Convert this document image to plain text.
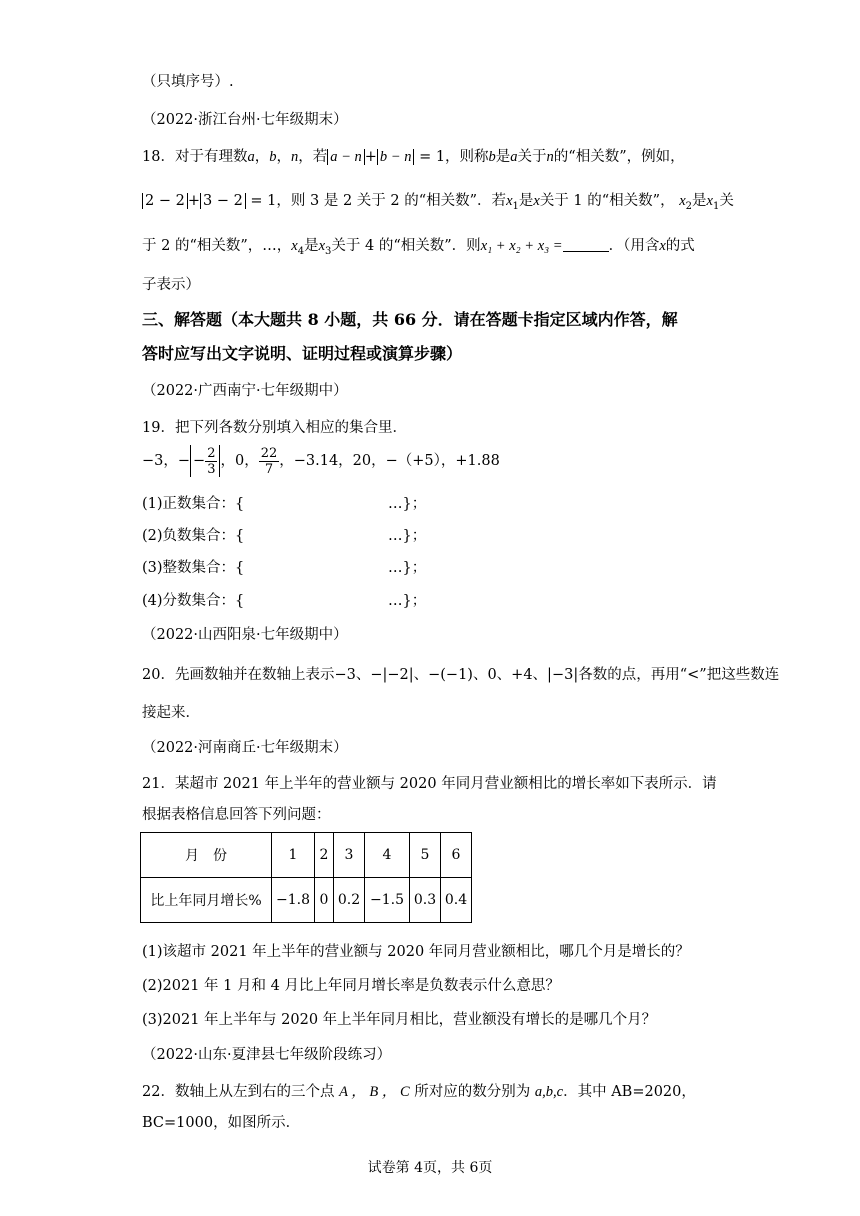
（只填序号）.
（2022·浙江台州·七年级期末）
18．对于有理数a，b，n，若 a − n + b − n = 1，则称b是a关于n的“相关数”，例如，
2 − 2 + 3 − 2 = 1，则 3 是 2 关于 2 的“相关数”．若$x_1$是x关于 1 的“相关数”， $x_2$是$x_1$关
于 2 的“相关数”，…，$x_4$是$x_3$关于 4 的“相关数”．则x₁ + x₂ + x₃ =	．（用含x的式
子表示）
三、解答题（本大题共 8 小题，共 66 分．请在答题卡指定区域内作答，解
答时应写出文字说明、证明过程或演算步骤）
（2022·广西南宁·七年级期中）
19．把下列各数分别填入相应的集合里．
−3，− − $\frac{2}{3}$ ，0， $\frac{22}{7}$ ，−3.14，20，−（+5），+1.88
(1)正数集合：{	…}；
(2)负数集合：{	…}；
(3)整数集合：{	…}；
(4)分数集合：{	…}；
（2022·山西阳泉·七年级期中）
20．先画数轴并在数轴上表示−3、−|−2|、−(−1)、0、+4、|−3|各数的点，再用“<”把这些数连
接起来．
（2022·河南商丘·七年级期末）
21．某超市 2021 年上半年的营业额与 2020 年同月营业额相比的增长率如下表所示．请
根据表格信息回答下列问题：
月　份	1	2	3	4	5	6
比上年同月增长%	−1.8	0	0.2	−1.5	0.3	0.4
(1)该超市 2021 年上半年的营业额与 2020 年同月营业额相比，哪几个月是增长的？
(2)2021 年 1 月和 4 月比上年同月增长率是负数表示什么意思？
(3)2021 年上半年与 2020 年上半年同月相比，营业额没有增长的是哪几个月？
（2022·山东·夏津县七年级阶段练习）
22．数轴上从左到右的三个点 A ， B ， C 所对应的数分别为 a,b,c．其中 AB=2020，
BC=1000，如图所示．
试卷第 4页，共 6页
